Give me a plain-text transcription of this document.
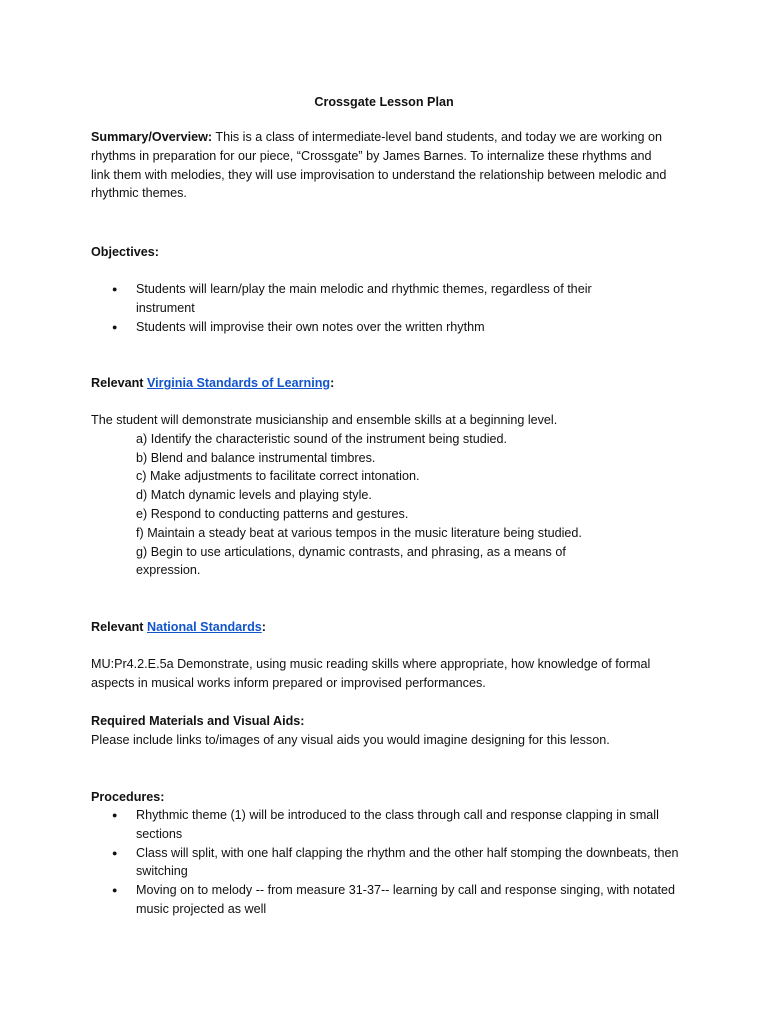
Crossgate Lesson Plan
Summary/Overview: This is a class of intermediate-level band students, and today we are working on rhythms in preparation for our piece, “Crossgate” by James Barnes. To internalize these rhythms and link them with melodies, they will use improvisation to understand the relationship between melodic and rhythmic themes.
Objectives:
● Students will learn/play the main melodic and rhythmic themes, regardless of their instrument
● Students will improvise their own notes over the written rhythm
Relevant Virginia Standards of Learning:
The student will demonstrate musicianship and ensemble skills at a beginning level.
a) Identify the characteristic sound of the instrument being studied.
b) Blend and balance instrumental timbres.
c) Make adjustments to facilitate correct intonation.
d) Match dynamic levels and playing style.
e) Respond to conducting patterns and gestures.
f) Maintain a steady beat at various tempos in the music literature being studied.
g) Begin to use articulations, dynamic contrasts, and phrasing, as a means of expression.
Relevant National Standards:
MU:Pr4.2.E.5a Demonstrate, using music reading skills where appropriate, how knowledge of formal aspects in musical works inform prepared or improvised performances.
Required Materials and Visual Aids:
Please include links to/images of any visual aids you would imagine designing for this lesson.
Procedures:
● Rhythmic theme (1) will be introduced to the class through call and response clapping in small sections
● Class will split, with one half clapping the rhythm and the other half stomping the downbeats, then switching
● Moving on to melody -- from measure 31-37-- learning by call and response singing, with notated music projected as well
